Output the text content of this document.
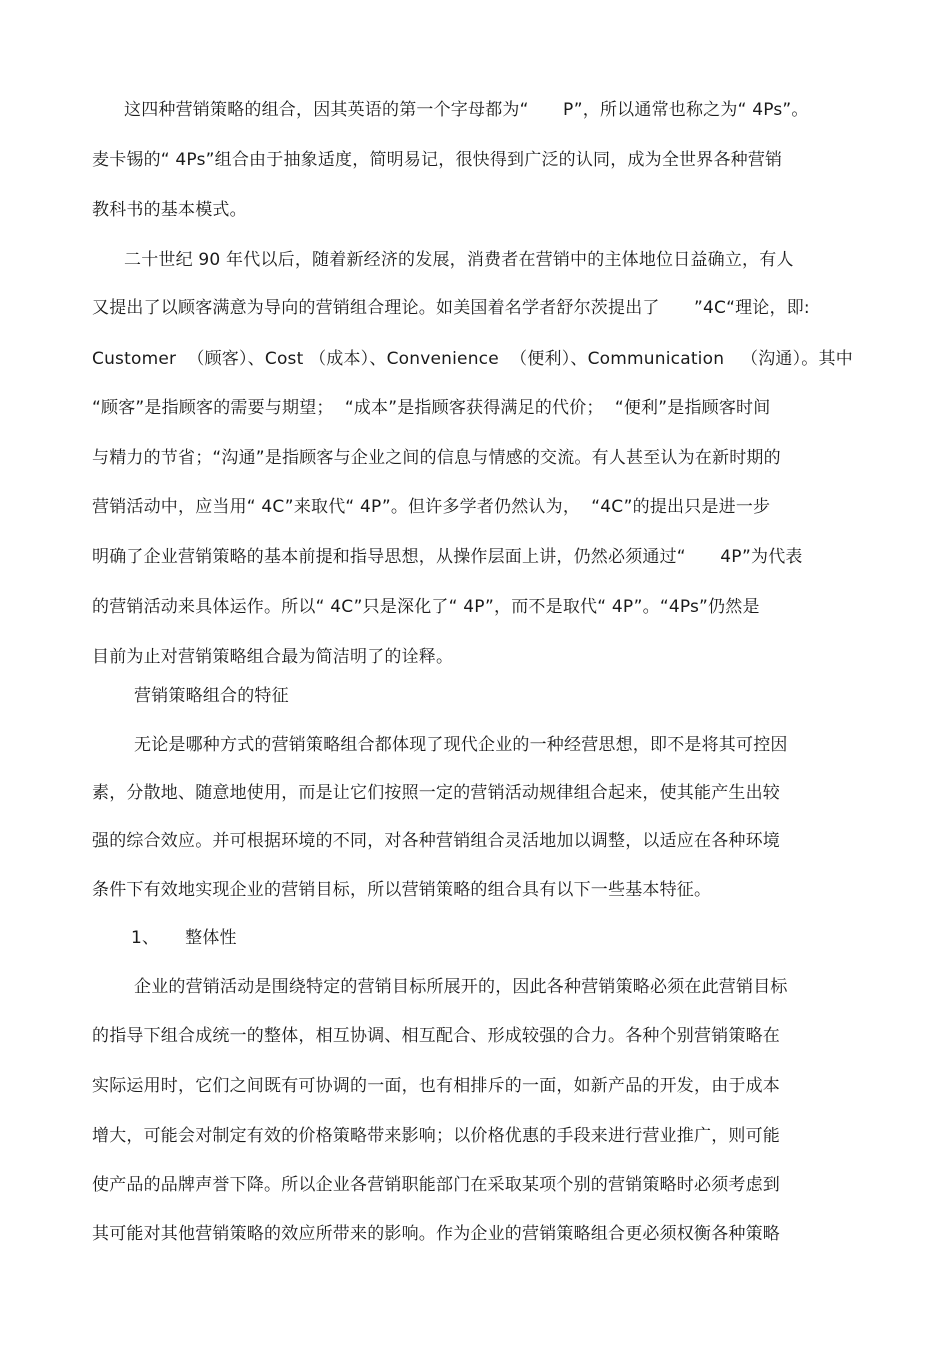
这四种营销策略的组合，因其英语的第一个字母都为“　　P”，所以通常也称之为“ 4Ps”。
麦卡锡的“ 4Ps”组合由于抽象适度，简明易记，很快得到广泛的认同，成为全世界各种营销
教科书的基本模式。
二十世纪 90 年代以后，随着新经济的发展，消费者在营销中的主体地位日益确立，有人
又提出了以顾客满意为导向的营销组合理论。如美国着名学者舒尔茨提出了　　”4C“理论，即:
Customer  （顾客）、Cost （成本）、Convenience  （便利）、Communication   （沟通）。其中
“顾客”是指顾客的需要与期望；  “成本”是指顾客获得满足的代价；  “便利”是指顾客时间
与精力的节省；“沟通”是指顾客与企业之间的信息与情感的交流。有人甚至认为在新时期的
营销活动中，应当用“ 4C”来取代“ 4P”。但许多学者仍然认为，  “4C”的提出只是进一步
明确了企业营销策略的基本前提和指导思想，从操作层面上讲，仍然必须通过“　　4P”为代表
的营销活动来具体运作。所以“ 4C”只是深化了“ 4P”，而不是取代“ 4P”。“4Ps”仍然是
目前为止对营销策略组合最为简洁明了的诠释。
营销策略组合的特征
无论是哪种方式的营销策略组合都体现了现代企业的一种经营思想，即不是将其可控因
素，分散地、随意地使用，而是让它们按照一定的营销活动规律组合起来，使其能产生出较
强的综合效应。并可根据环境的不同，对各种营销组合灵活地加以调整，以适应在各种环境
条件下有效地实现企业的营销目标，所以营销策略的组合具有以下一些基本特征。
1、　　整体性
企业的营销活动是围绕特定的营销目标所展开的，因此各种营销策略必须在此营销目标
的指导下组合成统一的整体，相互协调、相互配合、形成较强的合力。各种个别营销策略在
实际运用时，它们之间既有可协调的一面，也有相排斥的一面，如新产品的开发，由于成本
增大，可能会对制定有效的价格策略带来影响；以价格优惠的手段来进行营业推广，则可能
使产品的品牌声誉下降。所以企业各营销职能部门在采取某项个别的营销策略时必须考虑到
其可能对其他营销策略的效应所带来的影响。作为企业的营销策略组合更必须权衡各种策略
